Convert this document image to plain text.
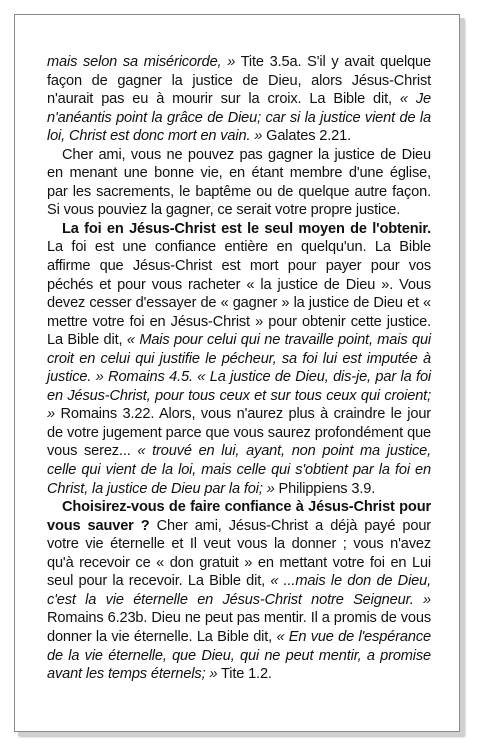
mais selon sa miséricorde, » Tite 3.5a. S'il y avait quelque façon de gagner la justice de Dieu, alors Jésus-Christ n'aurait pas eu à mourir sur la croix. La Bible dit, « Je n'anéantis point la grâce de Dieu; car si la justice vient de la loi, Christ est donc mort en vain. » Galates 2.21.

Cher ami, vous ne pouvez pas gagner la justice de Dieu en menant une bonne vie, en étant membre d'une église, par les sacrements, le baptême ou de quelque autre façon. Si vous pouviez la gagner, ce serait votre propre justice.

La foi en Jésus-Christ est le seul moyen de l'obtenir. La foi est une confiance entière en quelqu'un. La Bible affirme que Jésus-Christ est mort pour payer pour vos péchés et pour vous racheter « la justice de Dieu ». Vous devez cesser d'essayer de « gagner » la justice de Dieu et « mettre votre foi en Jésus-Christ » pour obtenir cette justice. La Bible dit, « Mais pour celui qui ne travaille point, mais qui croit en celui qui justifie le pécheur, sa foi lui est imputée à justice. » Romains 4.5. « La justice de Dieu, dis-je, par la foi en Jésus-Christ, pour tous ceux et sur tous ceux qui croient; » Romains 3.22. Alors, vous n'aurez plus à craindre le jour de votre jugement parce que vous saurez profondément que vous serez... « trouvé en lui, ayant, non point ma justice, celle qui vient de la loi, mais celle qui s'obtient par la foi en Christ, la justice de Dieu par la foi; » Philippiens 3.9.

Choisirez-vous de faire confiance à Jésus-Christ pour vous sauver ? Cher ami, Jésus-Christ a déjà payé pour votre vie éternelle et Il veut vous la donner ; vous n'avez qu'à recevoir ce « don gratuit » en mettant votre foi en Lui seul pour la recevoir. La Bible dit, « ...mais le don de Dieu, c'est la vie éternelle en Jésus-Christ notre Seigneur. » Romains 6.23b. Dieu ne peut pas mentir. Il a promis de vous donner la vie éternelle. La Bible dit, « En vue de l'espérance de la vie éternelle, que Dieu, qui ne peut mentir, a promise avant les temps éternels; » Tite 1.2.
